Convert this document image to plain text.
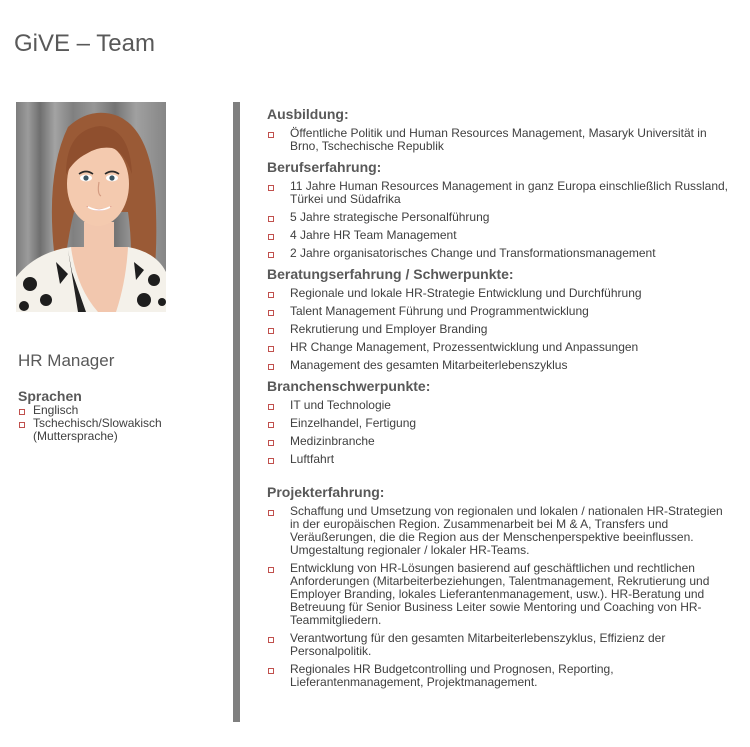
GiVE – Team
HR Manager
Sprachen
Englisch
Tschechisch/Slowakisch (Muttersprache)
Ausbildung:
Öffentliche Politik und Human Resources Management, Masaryk Universität in Brno, Tschechische Republik
Berufserfahrung:
11 Jahre Human Resources Management in ganz Europa einschließlich Russland, Türkei und Südafrika
5 Jahre strategische Personalführung
4 Jahre HR Team Management
2 Jahre organisatorisches Change und Transformationsmanagement
Beratungserfahrung / Schwerpunkte:
Regionale und lokale HR-Strategie Entwicklung und Durchführung
Talent Management Führung und Programmentwicklung
Rekrutierung und Employer Branding
HR Change Management, Prozessentwicklung und Anpassungen
Management des gesamten Mitarbeiterlebenszyklus
Branchenschwerpunkte:
IT und Technologie
Einzelhandel, Fertigung
Medizinbranche
Luftfahrt
Projekterfahrung:
Schaffung und Umsetzung von regionalen und lokalen / nationalen HR-Strategien in der europäischen Region. Zusammenarbeit bei M & A, Transfers und Veräußerungen, die die Region aus der Menschenperspektive beeinflussen. Umgestaltung regionaler / lokaler HR-Teams.
Entwicklung von HR-Lösungen basierend auf geschäftlichen und rechtlichen Anforderungen (Mitarbeiterbeziehungen, Talentmanagement, Rekrutierung und Employer Branding, lokales Lieferantenmanagement, usw.). HR-Beratung und Betreuung für Senior Business Leiter sowie Mentoring und Coaching von HR-Teammitgliedern.
Verantwortung für den gesamten Mitarbeiterlebenszyklus, Effizienz der Personalpolitik.
Regionales HR Budgetcontrolling und Prognosen, Reporting, Lieferantenmanagement, Projektmanagement.
